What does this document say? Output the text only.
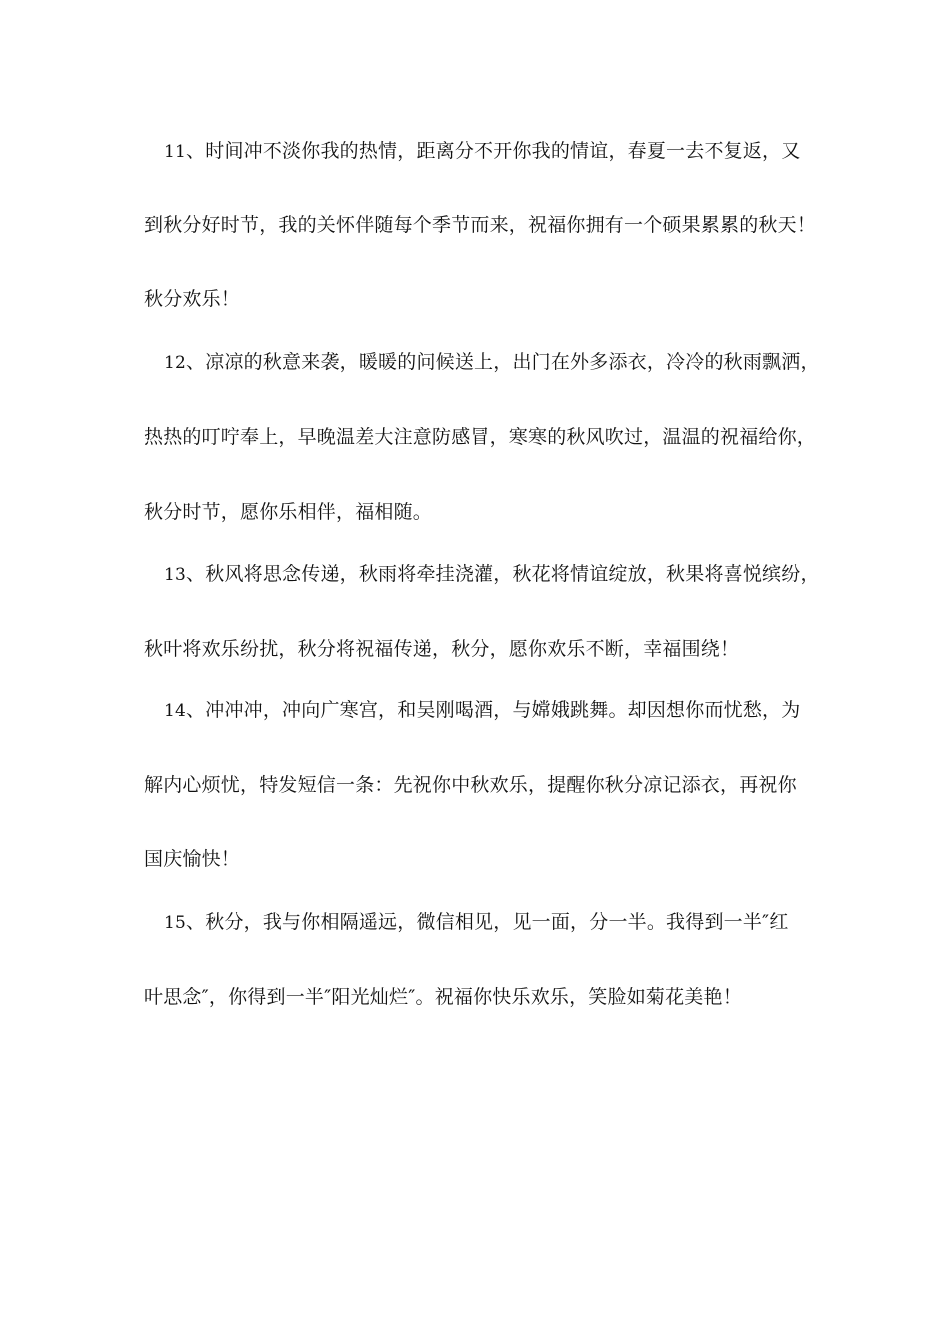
11、时间冲不淡你我的热情，距离分不开你我的情谊，春夏一去不复返，又
到秋分好时节，我的关怀伴随每个季节而来，祝福你拥有一个硕果累累的秋天！
秋分欢乐！
12、凉凉的秋意来袭，暖暖的问候送上，出门在外多添衣，冷冷的秋雨飘洒，
热热的叮咛奉上，早晚温差大注意防感冒，寒寒的秋风吹过，温温的祝福给你，
秋分时节，愿你乐相伴，福相随。
13、秋风将思念传递，秋雨将牵挂浇灌，秋花将情谊绽放，秋果将喜悦缤纷，
秋叶将欢乐纷扰，秋分将祝福传递，秋分，愿你欢乐不断，幸福围绕！
14、冲冲冲，冲向广寒宫，和吴刚喝酒，与嫦娥跳舞。却因想你而忧愁，为
解内心烦忧，特发短信一条：先祝你中秋欢乐，提醒你秋分凉记添衣，再祝你
国庆愉快！
15、秋分，我与你相隔遥远，微信相见，见一面，分一半。我得到一半″红
叶思念″，你得到一半″阳光灿烂″。祝福你快乐欢乐，笑脸如菊花美艳！
